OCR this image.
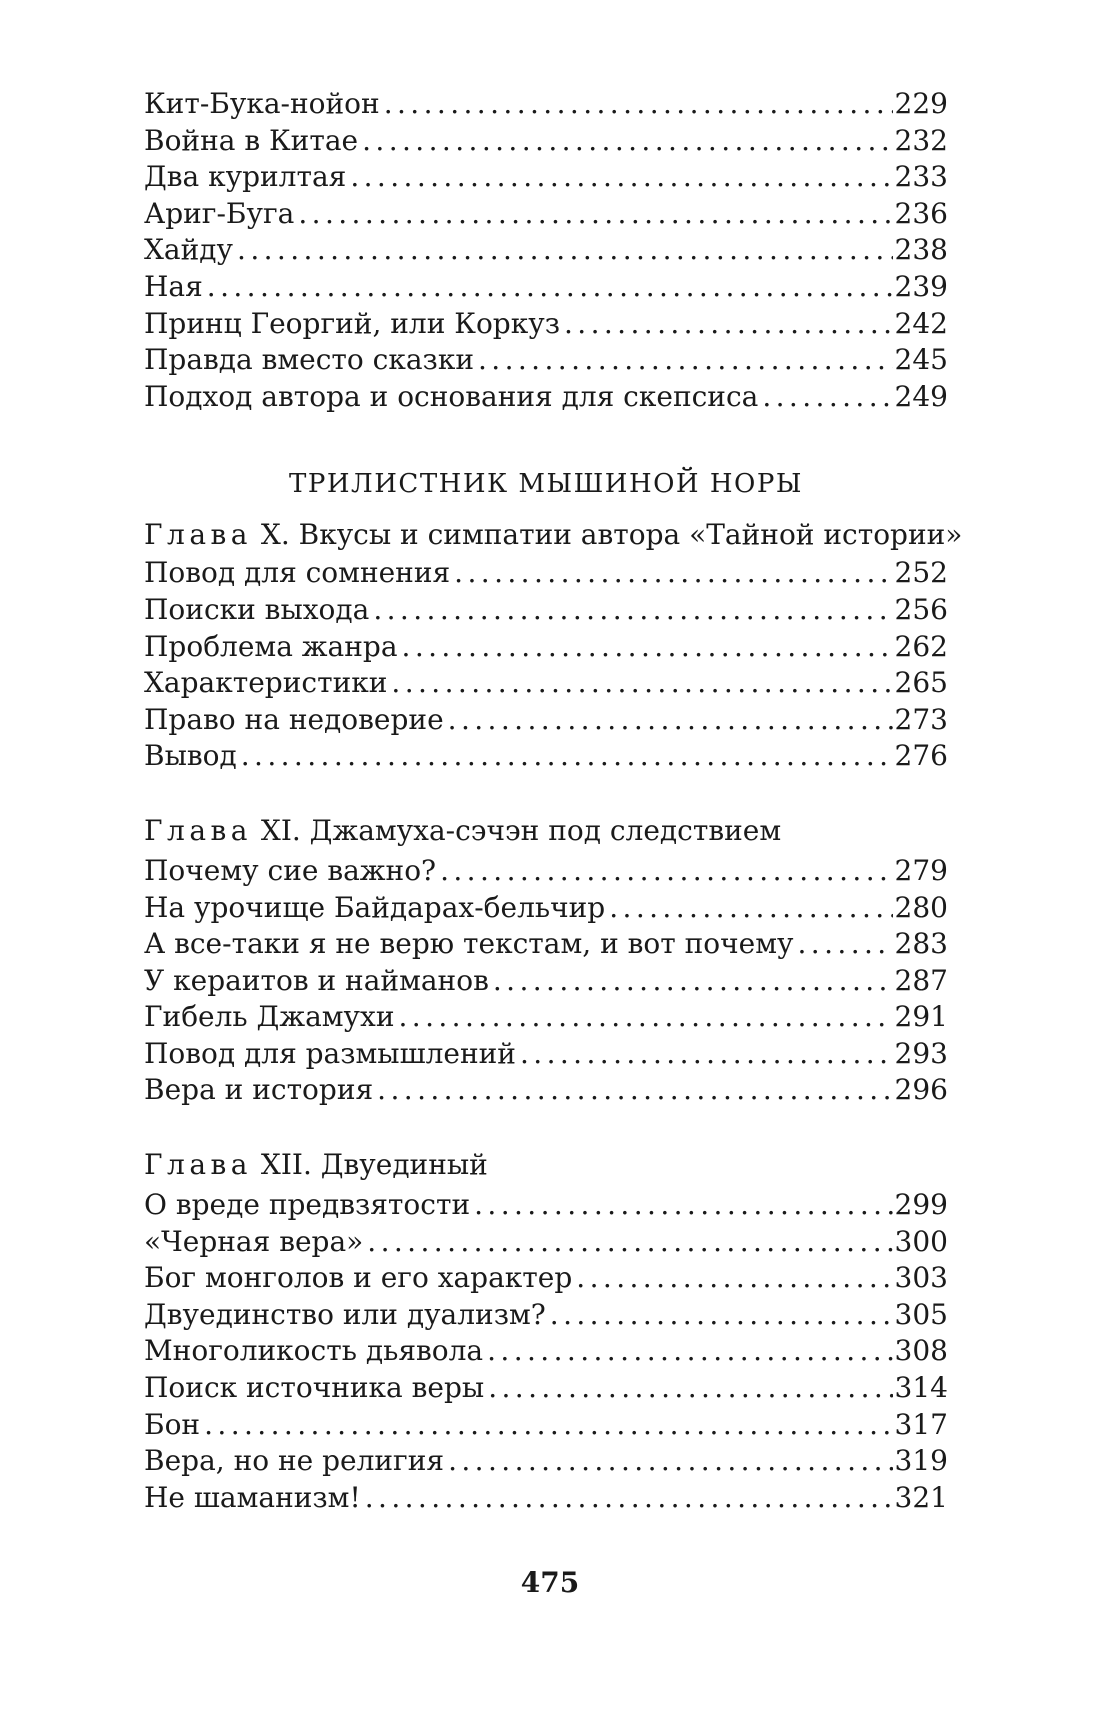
Кит-Бука-нойон .....	229
Война в Китае .....	232
Два курилтая .....	233
Ариг-Буга .....	236
Хайду .....	238
Ная .....	239
Принц Георгий, или Коркуз .....	242
Правда вместо сказки .....	245
Подход автора и основания для скепсиса .....	249
ТРИЛИСТНИК МЫШИНОЙ НОРЫ
Глава X. Вкусы и симпатии автора «Тайной истории»
Повод для сомнения .....	252
Поиски выхода .....	256
Проблема жанра .....	262
Характеристики .....	265
Право на недоверие .....	273
Вывод .....	276
Глава XI. Джамуха-сэчэн под следствием
Почему сие важно? .....	279
На урочище Байдарах-бельчир .....	280
А все-таки я не верю текстам, и вот почему .....	283
У кераитов и найманов .....	287
Гибель Джамухи .....	291
Повод для размышлений .....	293
Вера и история .....	296
Глава XII. Двуединый
О вреде предвзятости .....	299
«Черная вера» .....	300
Бог монголов и его характер .....	303
Двуединство или дуализм? .....	305
Многоликость дьявола .....	308
Поиск источника веры .....	314
Бон .....	317
Вера, но не религия .....	319
Не шаманизм! .....	321
475
